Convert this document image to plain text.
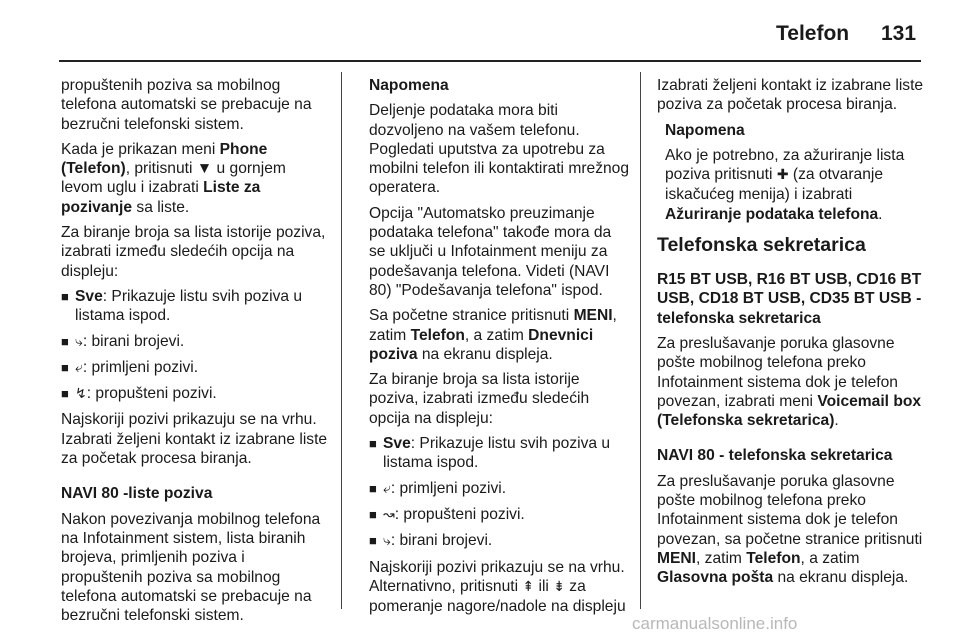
Telefon 131

propuštenih poziva sa mobilnog telefona automatski se prebacuje na bezručni telefonski sistem.

Kada je prikazan meni Phone (Telefon), pritisnuti ▼ u gornjem levom uglu i izabrati Liste za pozivanje sa liste.

Za biranje broja sa lista istorije poziva, izabrati između sledećih opcija na displeju:

■ Sve: Prikazuje listu svih poziva u listama ispod.
■ ⤷: birani brojevi.
■ ⤶: primljeni pozivi.
■ ↯: propušteni pozivi.

Najskoriji pozivi prikazuju se na vrhu. Izabrati željeni kontakt iz izabrane liste za početak procesa biranja.

NAVI 80 -liste poziva

Nakon povezivanja mobilnog telefona na Infotainment sistem, lista biranih brojeva, primljenih poziva i propuštenih poziva sa mobilnog telefona automatski se prebacuje na bezručni telefonski sistem.

Napomena

Deljenje podataka mora biti dozvoljeno na vašem telefonu. Pogledati uputstva za upotrebu za mobilni telefon ili kontaktirati mrežnog operatera.

Opcija "Automatsko preuzimanje podataka telefona" takođe mora da se uključi u Infotainment meniju za podešavanja telefona. Videti (NAVI 80) "Podešavanja telefona" ispod.

Sa početne stranice pritisnuti MENI, zatim Telefon, a zatim Dnevnici poziva na ekranu displeja.

Za biranje broja sa lista istorije poziva, izabrati između sledećih opcija na displeju:

■ Sve: Prikazuje listu svih poziva u listama ispod.
■ ⤶: primljeni pozivi.
■ ↝: propušteni pozivi.
■ ⤷: birani brojevi.

Najskoriji pozivi prikazuju se na vrhu. Alternativno, pritisnuti ⇞ ili ⇟ za pomeranje nagore/nadole na displeju

Izabrati željeni kontakt iz izabrane liste poziva za početak procesa biranja.

Napomena

Ako je potrebno, za ažuriranje lista poziva pritisnuti ✚ (za otvaranje iskačućeg menija) i izabrati Ažuriranje podataka telefona.

Telefonska sekretarica

R15 BT USB, R16 BT USB, CD16 BT USB, CD18 BT USB, CD35 BT USB - telefonska sekretarica

Za preslušavanje poruka glasovne pošte mobilnog telefona preko Infotainment sistema dok je telefon povezan, izabrati meni Voicemail box (Telefonska sekretarica).

NAVI 80 - telefonska sekretarica

Za preslušavanje poruka glasovne pošte mobilnog telefona preko Infotainment sistema dok je telefon povezan, sa početne stranice pritisnuti MENI, zatim Telefon, a zatim Glasovna pošta na ekranu displeja.

carmanualsonline.info
